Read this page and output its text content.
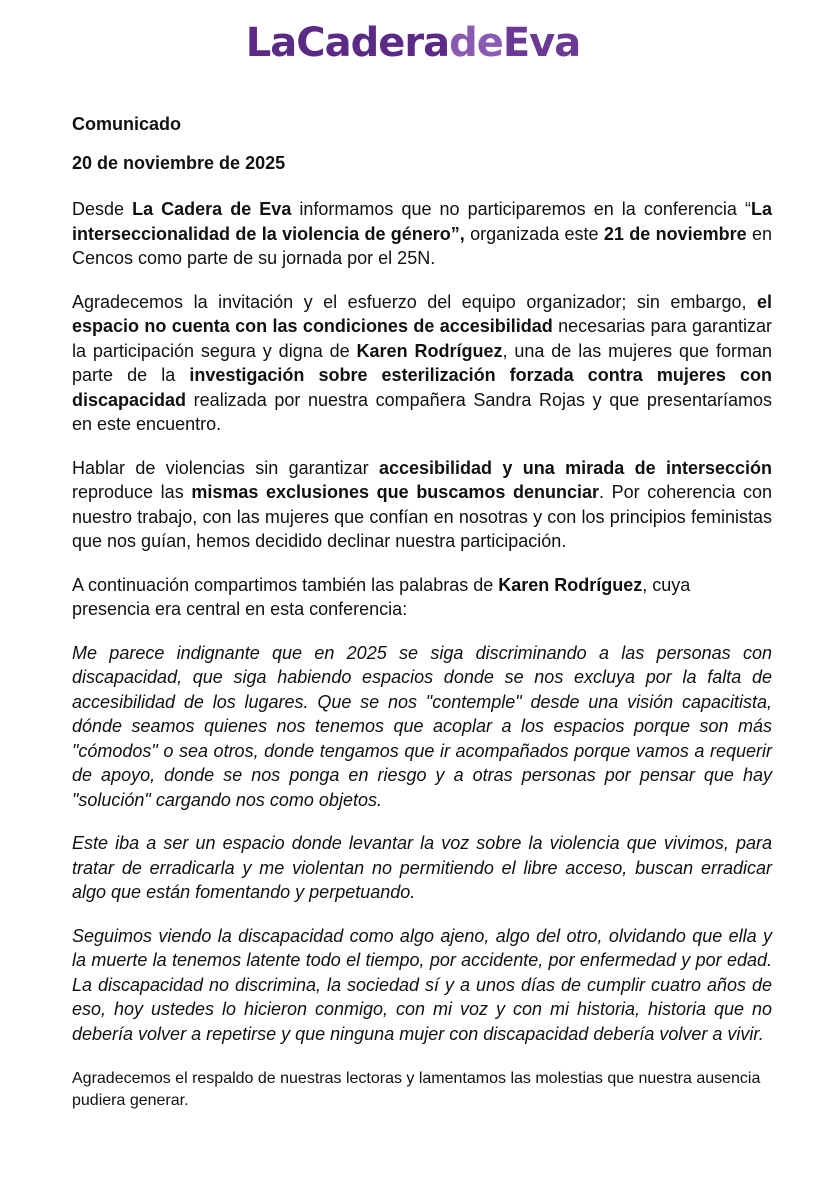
LaCaderadeEva

Comunicado

20 de noviembre de 2025

Desde La Cadera de Eva informamos que no participaremos en la conferencia “La interseccionalidad de la violencia de género”, organizada este 21 de noviembre en Cencos como parte de su jornada por el 25N.

Agradecemos la invitación y el esfuerzo del equipo organizador; sin embargo, el espacio no cuenta con las condiciones de accesibilidad necesarias para garantizar la participación segura y digna de Karen Rodríguez, una de las mujeres que forman parte de la investigación sobre esterilización forzada contra mujeres con discapacidad realizada por nuestra compañera Sandra Rojas y que presentaríamos en este encuentro.

Hablar de violencias sin garantizar accesibilidad y una mirada de intersección reproduce las mismas exclusiones que buscamos denunciar. Por coherencia con nuestro trabajo, con las mujeres que confían en nosotras y con los principios feministas que nos guían, hemos decidido declinar nuestra participación.

A continuación compartimos también las palabras de Karen Rodríguez, cuya presencia era central en esta conferencia:

Me parece indignante que en 2025 se siga discriminando a las personas con discapacidad, que siga habiendo espacios donde se nos excluya por la falta de accesibilidad de los lugares. Que se nos "contemple" desde una visión capacitista, dónde seamos quienes nos tenemos que acoplar a los espacios porque son más "cómodos" o sea otros, donde tengamos que ir acompañados porque vamos a requerir de apoyo, donde se nos ponga en riesgo y a otras personas por pensar que hay "solución" cargando nos como objetos.

Este iba a ser un espacio donde levantar la voz sobre la violencia que vivimos, para tratar de erradicarla y me violentan no permitiendo el libre acceso, buscan erradicar algo que están fomentando y perpetuando.

Seguimos viendo la discapacidad como algo ajeno, algo del otro, olvidando que ella y la muerte la tenemos latente todo el tiempo, por accidente, por enfermedad y por edad. La discapacidad no discrimina, la sociedad sí y a unos días de cumplir cuatro años de eso, hoy ustedes lo hicieron conmigo, con mi voz y con mi historia, historia que no debería volver a repetirse y que ninguna mujer con discapacidad debería volver a vivir.

Agradecemos el respaldo de nuestras lectoras y lamentamos las molestias que nuestra ausencia pudiera generar.
